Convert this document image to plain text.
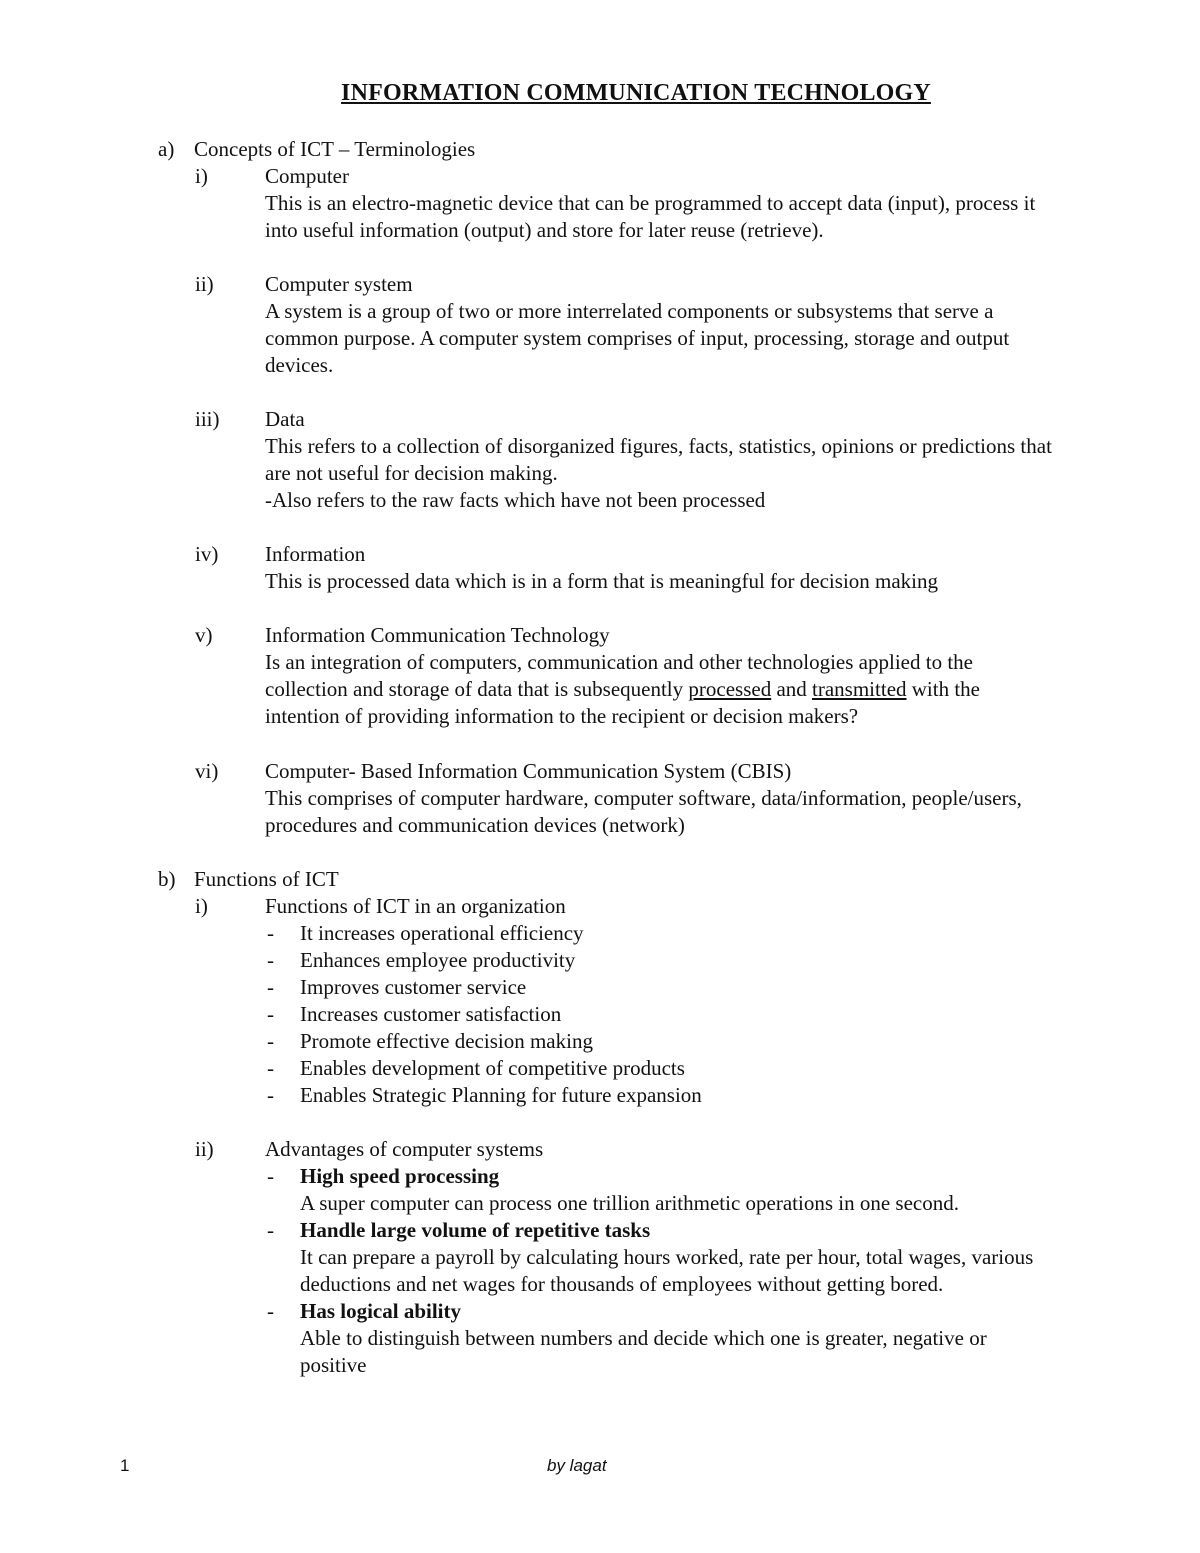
INFORMATION COMMUNICATION TECHNOLOGY
a) Concepts of ICT – Terminologies
i)	Computer
This is an electro-magnetic device that can be programmed to accept data (input), process it
into useful information (output) and store for later reuse (retrieve).
ii) Computer system
A system is a group of two or more interrelated components or subsystems that serve a
common purpose. A computer system comprises of input, processing, storage and output
devices.
iii) Data
This refers to a collection of disorganized figures, facts, statistics, opinions or predictions that
are not useful for decision making.
-Also refers to the raw facts which have not been processed
iv) Information
This is processed data which is in a form that is meaningful for decision making
v)	Information Communication Technology
Is an integration of computers, communication and other technologies applied to the
collection and storage of data that is subsequently processed and transmitted with the
intention of providing information to the recipient or decision makers?
vi) Computer- Based Information Communication System (CBIS)
This comprises of computer hardware, computer software, data/information, people/users,
procedures and communication devices (network)
b) Functions of ICT
i)	Functions of ICT in an organization
- It increases operational efficiency
- Enhances employee productivity
- Improves customer service
- Increases customer satisfaction
- Promote effective decision making
- Enables development of competitive products
- Enables Strategic Planning for future expansion
ii) Advantages of computer systems
- High speed processing
A super computer can process one trillion arithmetic operations in one second.
- Handle large volume of repetitive tasks
It can prepare a payroll by calculating hours worked, rate per hour, total wages, various
deductions and net wages for thousands of employees without getting bored.
- Has logical ability
Able to distinguish between numbers and decide which one is greater, negative or
positive
1	by lagat
